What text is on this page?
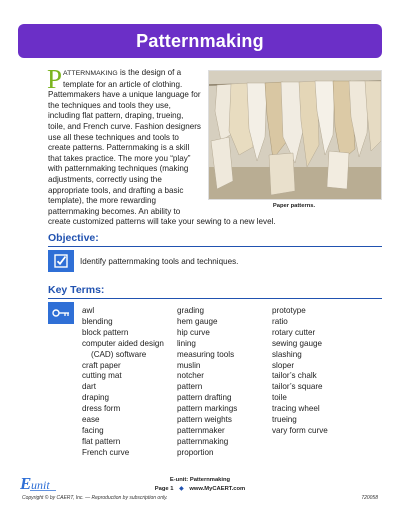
Patternmaking
Paper patterns.
P ATTERNMAKING is the design of a template for an article of clothing. Pattemmakers have a unique language for the techniques and tools they use, including flat pattern, draping, trueing, toile, and French curve. Fashion designers use all these techniques and tools to create patterns. Patternmaking is a skill that takes practice. The more you “play” with patternmaking techniques (making adjustments, correctly using the appropriate tools, and drafting a basic template), the more rewarding patternmaking becomes. An ability to create customized patterns will take your sewing to a new level.
Objective:
Identify patternmaking tools and techniques.
Key Terms:
awl
blending
block pattern
computer aided design
(CAD) software
craft paper
cutting mat
dart
draping
dress form
ease
facing
flat pattern
French curve
grading
hem gauge
hip curve
lining
measuring tools
muslin
notcher
pattern
pattern drafting
pattern markings
pattern weights
patternmaker
patternmaking
proportion
prototype
ratio
rotary cutter
sewing gauge
slashing
sloper
tailor’s chalk
tailor’s square
toile
tracing wheel
trueing
vary form curve
E unit	E-unit: Patternmaking
Page 1 ◆ www.MyCAERT.com
Copyright © by CAERT, Inc. — Reproduction by subscription only.	720058
